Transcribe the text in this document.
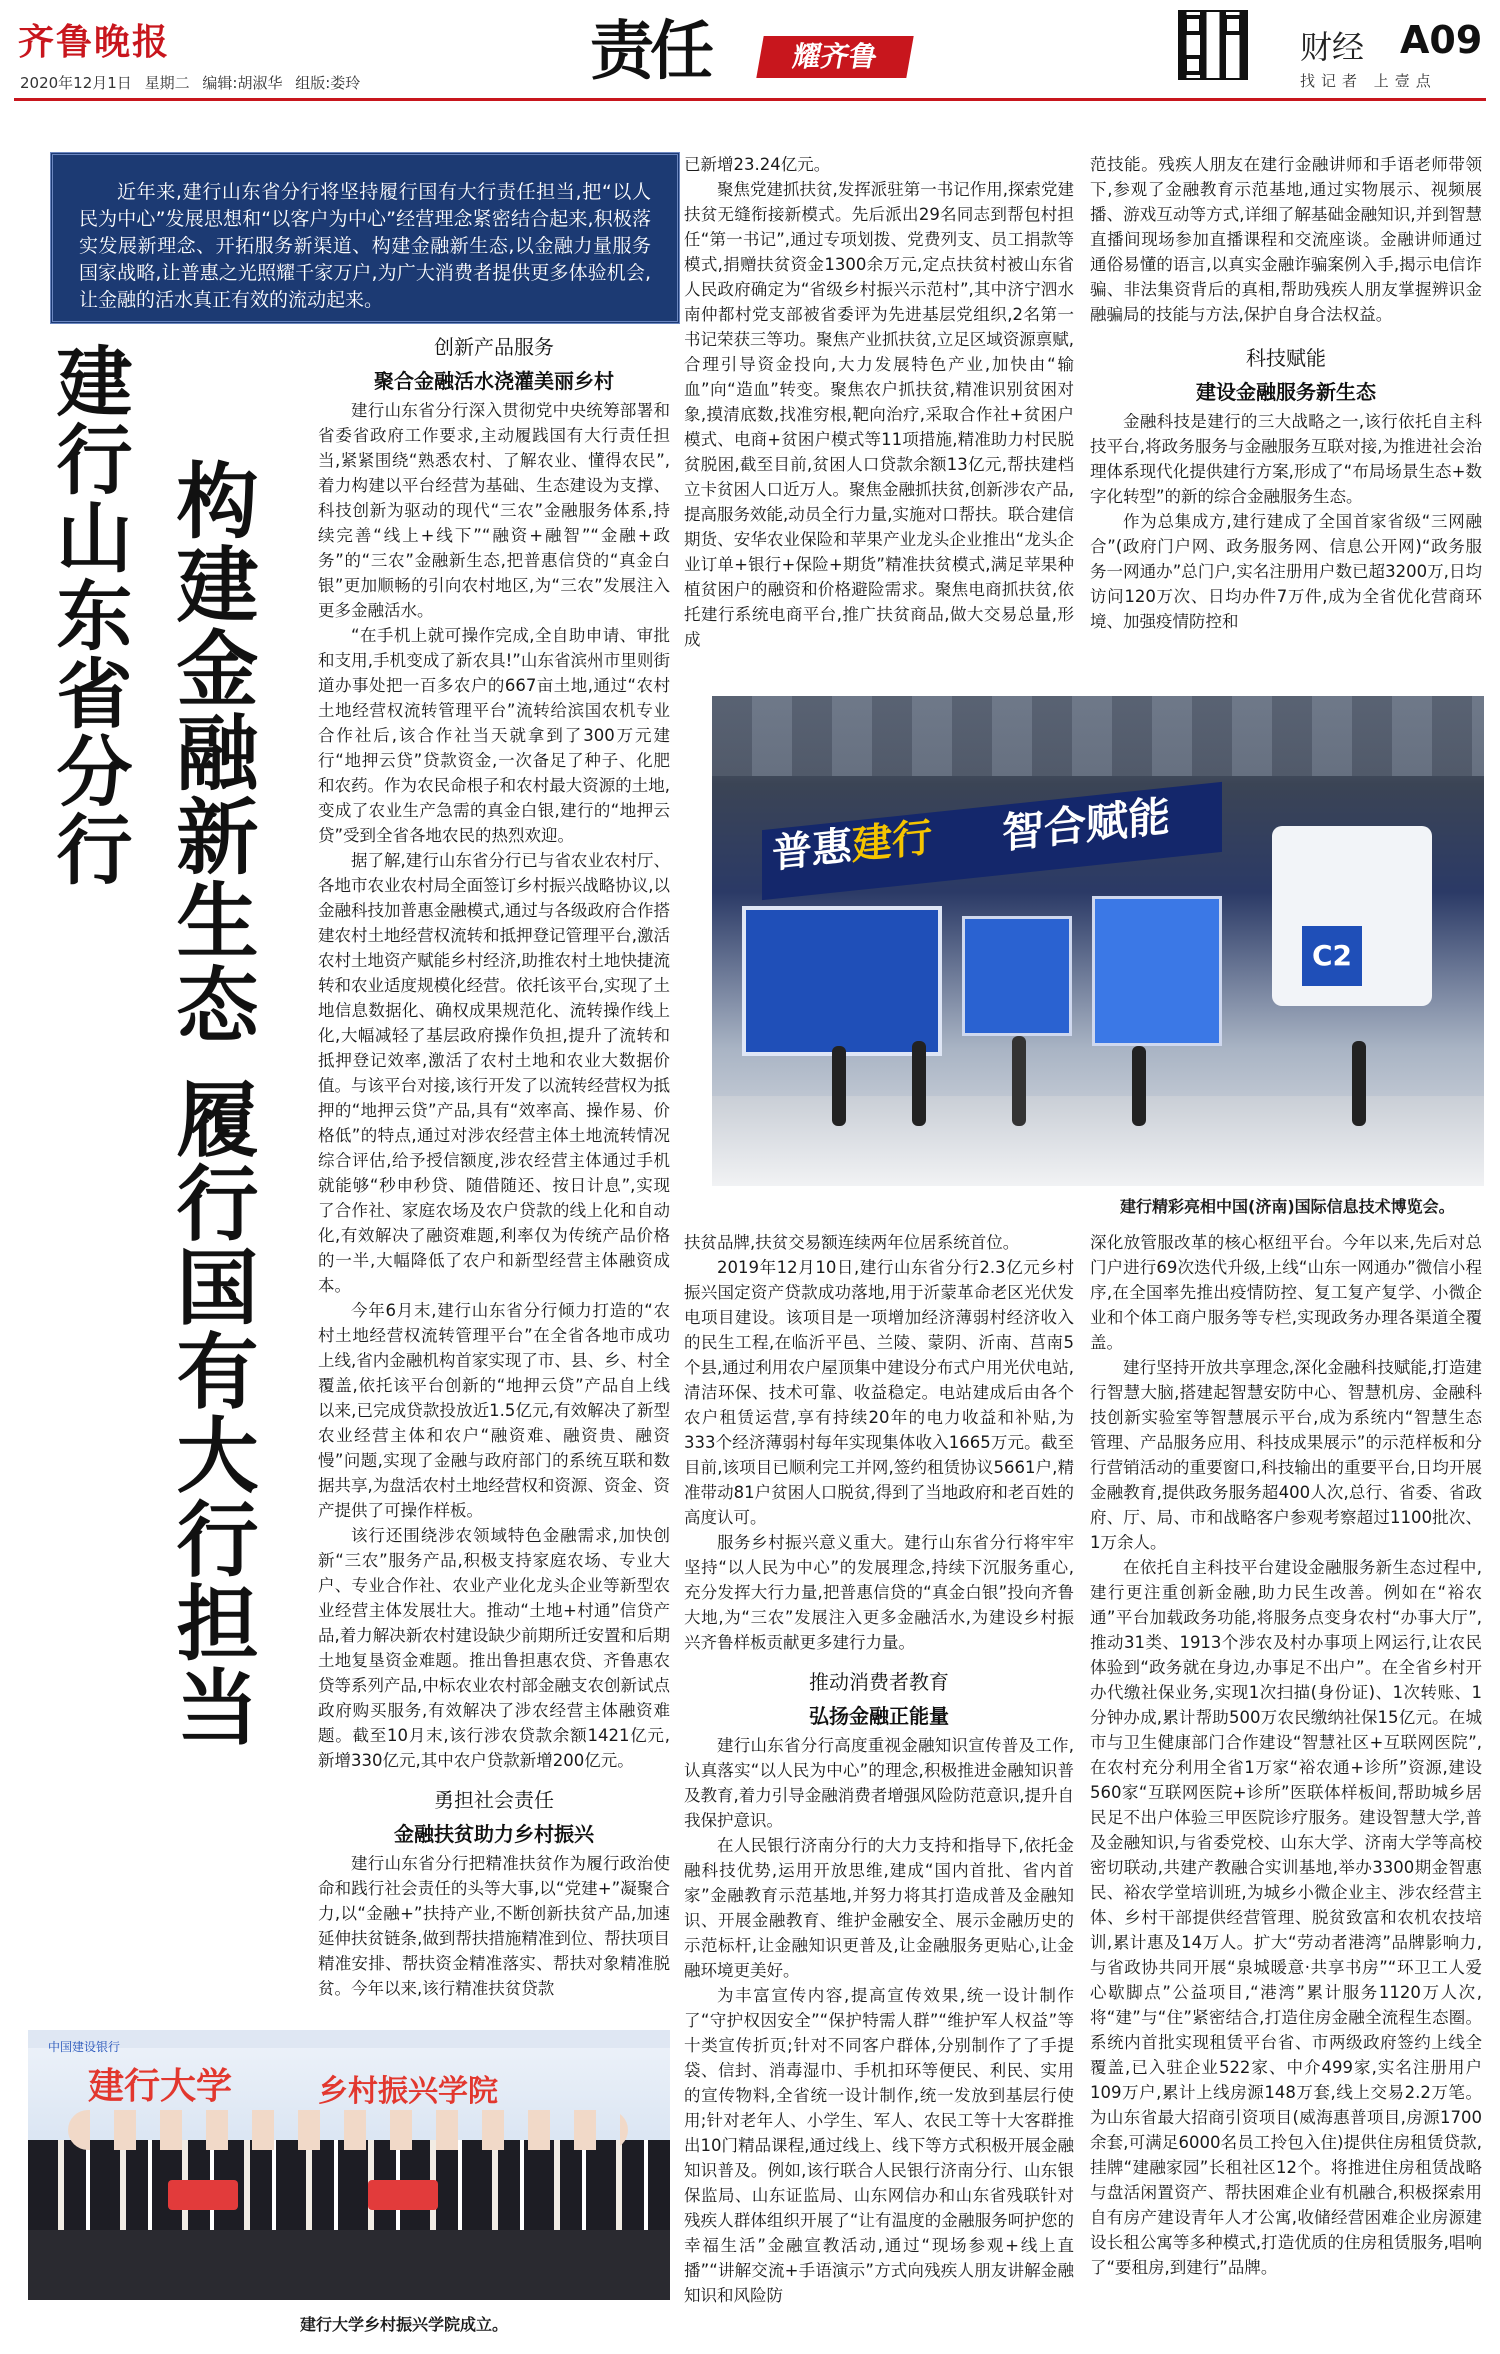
齐鲁晚报
2020年12月1日 星期二 编辑:胡淑华 组版:娄玲	责任	耀齐鲁	财经 A09
找记者 上壹点
近年来,建行山东省分行将坚持履行国有大行责任担当,把“以人民为中心”发展思想和“以客户为中心”经营理念紧密结合起来,积极落实发展新理念、开拓服务新渠道、构建金融新生态,以金融力量服务国家战略,让普惠之光照耀千家万户,为广大消费者提供更多体验机会,让金融的活水真正有效的流动起来。
建行山东省分行 构建金融新生态 履行国有大行担当
创新产品服务
聚合金融活水浇灌美丽乡村

建行山东省分行深入贯彻党中央统筹部署和省委省政府工作要求,主动履践国有大行责任担当,紧紧围绕“熟悉农村、了解农业、懂得农民”,着力构建以平台经营为基础、生态建设为支撑、科技创新为驱动的现代“三农”金融服务体系,持续完善“线上+线下”“融资+融智”“金融+政务”的“三农”金融新生态,把普惠信贷的“真金白银”更加顺畅的引向农村地区,为“三农”发展注入更多金融活水。

“在手机上就可操作完成,全自助申请、审批和支用,手机变成了新农具!”山东省滨州市里则街道办事处把一百多农户的667亩土地,通过“农村土地经营权流转管理平台”流转给滨国农机专业合作社后,该合作社当天就拿到了300万元建行“地押云贷”贷款资金,一次备足了种子、化肥和农药。作为农民命根子和农村最大资源的土地,变成了农业生产急需的真金白银,建行的“地押云贷”受到全省各地农民的热烈欢迎。

据了解,建行山东省分行已与省农业农村厅、各地市农业农村局全面签订乡村振兴战略协议,以金融科技加普惠金融模式,通过与各级政府合作搭建农村土地经营权流转和抵押登记管理平台,激活农村土地资产赋能乡村经济,助推农村土地快捷流转和农业适度规模化经营。依托该平台,实现了土地信息数据化、确权成果规范化、流转操作线上化,大幅减轻了基层政府操作负担,提升了流转和抵押登记效率,激活了农村土地和农业大数据价值。与该平台对接,该行开发了以流转经营权为抵押的“地押云贷”产品,具有“效率高、操作易、价格低”的特点,通过对涉农经营主体土地流转情况综合评估,给予授信额度,涉农经营主体通过手机就能够“秒申秒贷、随借随还、按日计息”,实现了合作社、家庭农场及农户贷款的线上化和自动化,有效解决了融资难题,利率仅为传统产品价格的一半,大幅降低了农户和新型经营主体融资成本。

今年6月末,建行山东省分行倾力打造的“农村土地经营权流转管理平台”在全省各地市成功上线,省内金融机构首家实现了市、县、乡、村全覆盖,依托该平台创新的“地押云贷”产品自上线以来,已完成贷款投放近1.5亿元,有效解决了新型农业经营主体和农户“融资难、融资贵、融资慢”问题,实现了金融与政府部门的系统互联和数据共享,为盘活农村土地经营权和资源、资金、资产提供了可操作样板。

该行还围绕涉农领域特色金融需求,加快创新“三农”服务产品,积极支持家庭农场、专业大户、专业合作社、农业产业化龙头企业等新型农业经营主体发展壮大。推动“土地+村通”信贷产品,着力解决新农村建设缺少前期所迁安置和后期土地复垦资金难题。推出鲁担惠农贷、齐鲁惠农贷等系列产品,中标农业农村部金融支农创新试点政府购买服务,有效解决了涉农经营主体融资难题。截至10月末,该行涉农贷款余额1421亿元,新增330亿元,其中农户贷款新增200亿元。

勇担社会责任
金融扶贫助力乡村振兴

建行山东省分行把精准扶贫作为履行政治使命和践行社会责任的头等大事,以“党建+”凝聚合力,以“金融+”扶持产业,不断创新扶贫产品,加速延伸扶贫链条,做到帮扶措施精准到位、帮扶项目精准安排、帮扶资金精准落实、帮扶对象精准脱贫。今年以来,该行精准扶贫贷款

已新增23.24亿元。

聚焦党建抓扶贫,发挥派驻第一书记作用,探索党建扶贫无缝衔接新模式。先后派出29名同志到帮包村担任“第一书记”,通过专项划拨、党费列支、员工捐款等模式,捐赠扶贫资金1300余万元,定点扶贫村被山东省人民政府确定为“省级乡村振兴示范村”,其中济宁泗水南仲都村党支部被省委评为先进基层党组织,2名第一书记荣获三等功。聚焦产业抓扶贫,立足区域资源禀赋,合理引导资金投向,大力发展特色产业,加快由“输血”向“造血”转变。聚焦农户抓扶贫,精准识别贫困对象,摸清底数,找准穷根,靶向治疗,采取合作社+贫困户模式、电商+贫困户模式等11项措施,精准助力村民脱贫脱困,截至目前,贫困人口贷款余额13亿元,帮扶建档立卡贫困人口近万人。聚焦金融抓扶贫,创新涉农产品,提高服务效能,动员全行力量,实施对口帮扶。联合建信期货、安华农业保险和苹果产业龙头企业推出“龙头企业订单+银行+保险+期货”精准扶贫模式,满足苹果种植贫困户的融资和价格避险需求。聚焦电商抓扶贫,依托建行系统电商平台,推广扶贫商品,做大交易总量,形成

范技能。残疾人朋友在建行金融讲师和手语老师带领下,参观了金融教育示范基地,通过实物展示、视频展播、游戏互动等方式,详细了解基础金融知识,并到智慧直播间现场参加直播课程和交流座谈。金融讲师通过通俗易懂的语言,以真实金融诈骗案例入手,揭示电信诈骗、非法集资背后的真相,帮助残疾人朋友掌握辨识金融骗局的技能与方法,保护自身合法权益。

科技赋能
建设金融服务新生态

金融科技是建行的三大战略之一,该行依托自主科技平台,将政务服务与金融服务互联对接,为推进社会治理体系现代化提供建行方案,形成了“布局场景生态+数字化转型”的新的综合金融服务生态。

作为总集成方,建行建成了全国首家省级“三网融合”(政府门户网、政务服务网、信息公开网)“政务服务一网通办”总门户,实名注册用户数已超3200万,日均访问120万次、日均办件7万件,成为全省优化营商环境、加强疫情防控和

普惠建行 智合赋能
C2
建行精彩亮相中国(济南)国际信息技术博览会。

扶贫品牌,扶贫交易额连续两年位居系统首位。

2019年12月10日,建行山东省分行2.3亿元乡村振兴国定资产贷款成功落地,用于沂蒙革命老区光伏发电项目建设。该项目是一项增加经济薄弱村经济收入的民生工程,在临沂平邑、兰陵、蒙阴、沂南、莒南5个县,通过利用农户屋顶集中建设分布式户用光伏电站,清洁环保、技术可靠、收益稳定。电站建成后由各个农户租赁运营,享有持续20年的电力收益和补贴,为333个经济薄弱村每年实现集体收入1665万元。截至目前,该项目已顺利完工并网,签约租赁协议5661户,精准带动81户贫困人口脱贫,得到了当地政府和老百姓的高度认可。

服务乡村振兴意义重大。建行山东省分行将牢牢坚持“以人民为中心”的发展理念,持续下沉服务重心,充分发挥大行力量,把普惠信贷的“真金白银”投向齐鲁大地,为“三农”发展注入更多金融活水,为建设乡村振兴齐鲁样板贡献更多建行力量。

推动消费者教育
弘扬金融正能量

建行山东省分行高度重视金融知识宣传普及工作,认真落实“以人民为中心”的理念,积极推进金融知识普及教育,着力引导金融消费者增强风险防范意识,提升自我保护意识。

在人民银行济南分行的大力支持和指导下,依托金融科技优势,运用开放思维,建成“国内首批、省内首家”金融教育示范基地,并努力将其打造成普及金融知识、开展金融教育、维护金融安全、展示金融历史的示范标杆,让金融知识更普及,让金融服务更贴心,让金融环境更美好。

为丰富宣传内容,提高宣传效果,统一设计制作了“守护权因安全”“保护特需人群”“维护军人权益”等十类宣传折页;针对不同客户群体,分别制作了了手提袋、信封、消毒湿巾、手机扣环等便民、利民、实用的宣传物料,全省统一设计制作,统一发放到基层行使用;针对老年人、小学生、军人、农民工等十大客群推出10门精品课程,通过线上、线下等方式积极开展金融知识普及。例如,该行联合人民银行济南分行、山东银保监局、山东证监局、山东网信办和山东省残联针对残疾人群体组织开展了“让有温度的金融服务呵护您的幸福生活”金融宣教活动,通过“现场参观+线上直播”“讲解交流+手语演示”方式向残疾人朋友讲解金融知识和风险防

深化放管服改革的核心枢纽平台。今年以来,先后对总门户进行69次迭代升级,上线“山东一网通办”微信小程序,在全国率先推出疫情防控、复工复产复学、小微企业和个体工商户服务等专栏,实现政务办理各渠道全覆盖。

建行坚持开放共享理念,深化金融科技赋能,打造建行智慧大脑,搭建起智慧安防中心、智慧机房、金融科技创新实验室等智慧展示平台,成为系统内“智慧生态管理、产品服务应用、科技成果展示”的示范样板和分行营销活动的重要窗口,科技输出的重要平台,日均开展金融教育,提供政务服务超400人次,总行、省委、省政府、厅、局、市和战略客户参观考察超过1100批次、1万余人。

在依托自主科技平台建设金融服务新生态过程中,建行更注重创新金融,助力民生改善。例如在“裕农通”平台加载政务功能,将服务点变身农村“办事大厅”,推动31类、1913个涉农及村办事项上网运行,让农民体验到“政务就在身边,办事足不出户”。在全省乡村开办代缴社保业务,实现1次扫描(身份证)、1次转账、1分钟办成,累计帮助500万农民缴纳社保15亿元。在城市与卫生健康部门合作建设“智慧社区+互联网医院”,在农村充分利用全省1万家“裕农通+诊所”资源,建设560家“互联网医院+诊所”医联体样板间,帮助城乡居民足不出户体验三甲医院诊疗服务。建设智慧大学,普及金融知识,与省委党校、山东大学、济南大学等高校密切联动,共建产教融合实训基地,举办3300期金智惠民、裕农学堂培训班,为城乡小微企业主、涉农经营主体、乡村干部提供经营管理、脱贫致富和农机农技培训,累计惠及14万人。扩大“劳动者港湾”品牌影响力,与省政协共同开展“泉城暖意·共享书房”“环卫工人爱心歇脚点”公益项目,“港湾”累计服务1120万人次,将“建”与“住”紧密结合,打造住房金融全流程生态圈。系统内首批实现租赁平台省、市两级政府签约上线全覆盖,已入驻企业522家、中介499家,实名注册用户109万户,累计上线房源148万套,线上交易2.2万笔。为山东省最大招商引资项目(威海惠普项目,房源1700余套,可满足6000名员工拎包入住)提供住房租赁贷款,挂牌“建融家园”长租社区12个。将推进住房租赁战略与盘活闲置资产、帮扶困难企业有机融合,积极探索用自有房产建设青年人才公寓,收储经营困难企业房源建设长租公寓等多种模式,打造优质的住房租赁服务,唱响了“要租房,到建行”品牌。

中国建设银行
建行大学	乡村振兴学院
建行大学乡村振兴学院成立。
